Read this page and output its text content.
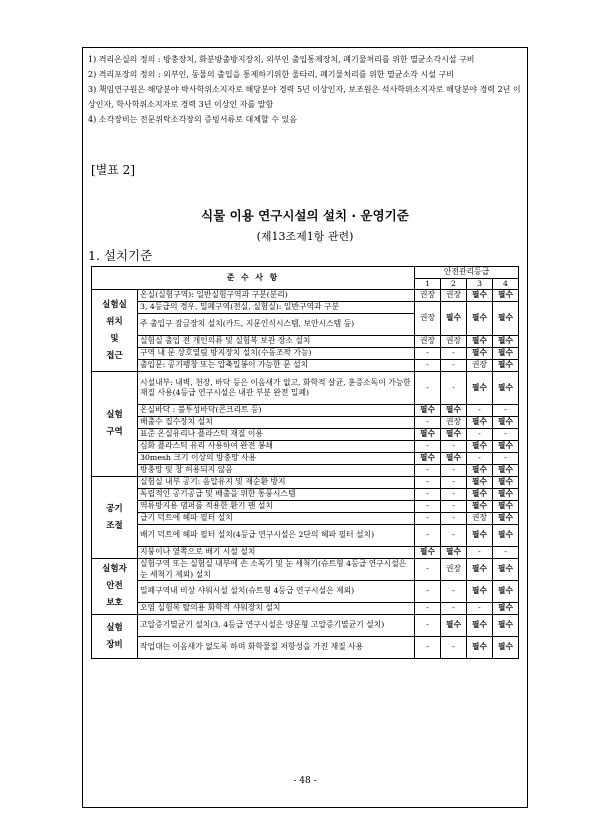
1) 격리온실의 정의 : 방충장치, 화분방출방지장치, 외부인 출입통제장치, 폐기물처리를 위한 멸균소각시설 구비

2) 격리포장의 정의 : 외부인, 동물의 출입을 통제하기위한 울타리, 폐기물처리를 위한 멸균소각 시설 구비

3) 책임연구원은 해당분야 박사학위소지자로 해당분야 경력 5년 이상인자, 보조원은 석사학위소지자로 해당분야 경력 2년 이상인자, 학사학위소지자로 경력 3년 이상인 자를 말함

4) 소각장비는 전문위탁소각장의 증빙서류로 대체할 수 있음

[별표 2]
식물 이용 연구시설의 설치 · 운영기준
(제13조제1항 관련)
1. 설치기준
준 수 사 항		안전관리등급			
		1	2	3	4
실험실
위치
및
접근	온실(실험구역): 일반실험구역과 구분(분리)	권장	권장	필수	필수
	3, 4등급의 경우, 밀폐구역(전실, 실험실): 일반구역과 구분	권장	필수	필수	필수
	주 출입구 잠금장치 설치(카드, 지문인식시스템, 보안시스템 등)				
	실험실 출입 전 개인의류 및 실험복 보관 장소 설치	권장	권장	필수	필수
	구역 내 문 상호열림 방지장치 설치(수동조작 가능)	-	-	필수	필수
	출입문: 공기팽창 또는 압축밀봉이 가능한 문 설치	-	-	권장	필수
실험
구역	시설내부: 내벽, 천장, 바닥 등은 이음새가 없고, 화학적 살균, 훈증소독이 가능한 재질 사용(4등급 연구시설은 내관 부분 완전 밀폐)	-	-	필수	필수
	온실바닥 : 불투성바닥(콘크리트 등)	필수	필수	-	-
	배출수 집수장치 설치	-	권장	필수	필수
	표준 온실유리나 플라스틱 재질 이용	필수	필수	-	-
	심화 플라스틱 유리 사용하여 완전 봉쇄	-	-	필수	필수
	30mesh 크기 이상의 방충망 사용	필수	필수	-	-
	방충망 및 창 허용되지 않음	-	-	필수	필수
공기
조절	실험실 내부 공기: 음압유지 및 재순환 방지	-	-	필수	필수
	독립적인 공기공급 및 배출을 위한 통풍시스템	-	-	필수	필수
	역류방지용 댐퍼를 적용한 환기 팬 설치	-	-	필수	필수
	급기 덕트에 헤파 필터 설치	-	-	권장	필수
	배기 덕트에 헤파 필터 설치(4등급 연구시설은 2단의 헤파 필터 설치)	-	-	필수	필수
	지붕이나 옆쪽으로 배기 시설 설치	필수	필수	-	-
실험자
안전
보호	실험구역 또는 실험실 내부에 손 소독기 및 눈 세척기(슈트형 4등급 연구시설은 눈 세척기 제외) 설치	-	권장	필수	필수
	밀폐구역내 비상 샤워시설 설치(슈트형 4등급 연구시설은 제외)	-	-	필수	필수
	오염 실험복 탈의용 화학적 샤워장치 설치	-	-	-	필수
실험
장비	고압증기멸균기 설치(3, 4등급 연구시설은 양문형 고압증기멸균기 설치)	-	필수	필수	필수
	작업대는 이음새가 없도록 하며 화학물질 저항성을 가진 재질 사용	-	-	필수	필수
- 48 -
